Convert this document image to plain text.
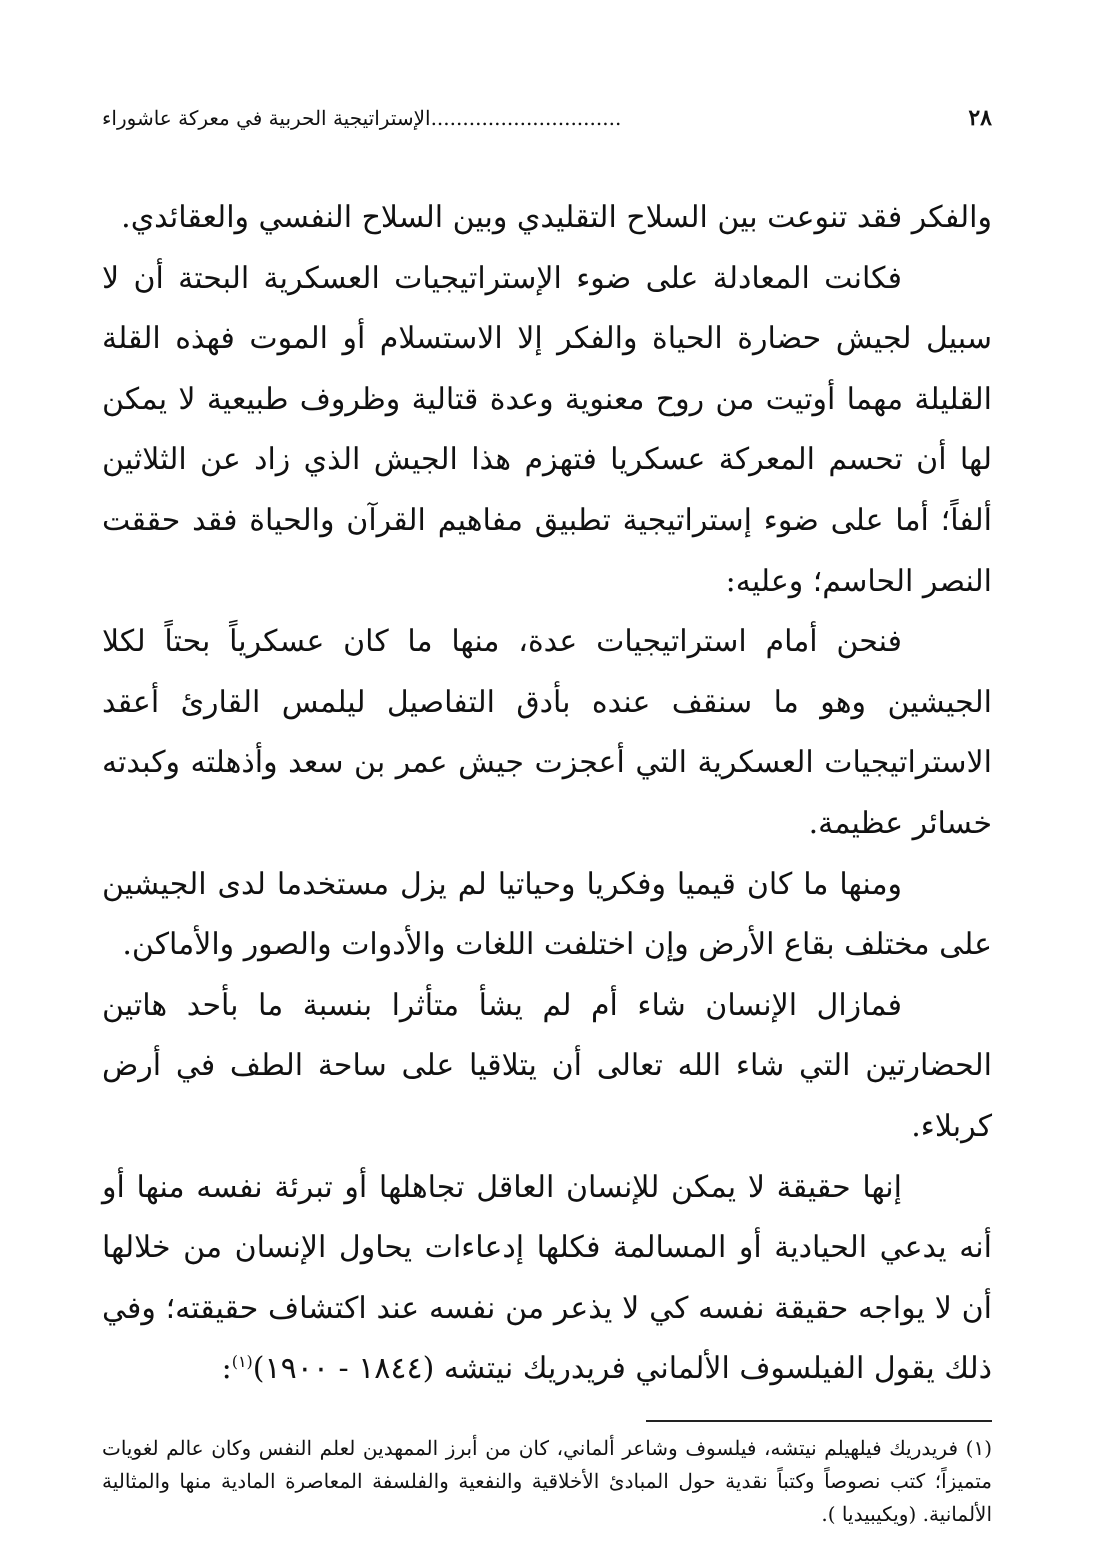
٢٨
..............................الإستراتيجية الحربية في معركة عاشوراء

والفكر فقد تنوعت بين السلاح التقليدي وبين السلاح النفسي والعقائدي.

فكانت المعادلة على ضوء الإستراتيجيات العسكرية البحتة أن لا سبيل لجيش حضارة الحياة والفكر إلا الاستسلام أو الموت فهذه القلة القليلة مهما أوتيت من روح معنوية وعدة قتالية وظروف طبيعية لا يمكن لها أن تحسم المعركة عسكريا فتهزم هذا الجيش الذي زاد عن الثلاثين ألفاً؛ أما على ضوء إستراتيجية تطبيق مفاهيم القرآن والحياة فقد حققت النصر الحاسم؛ وعليه:

فنحن أمام استراتيجيات عدة، منها ما كان عسكرياً بحتاً لكلا الجيشين وهو ما سنقف عنده بأدق التفاصيل ليلمس القارئ أعقد الاستراتيجيات العسكرية التي أعجزت جيش عمر بن سعد وأذهلته وكبدته خسائر عظيمة.

ومنها ما كان قيميا وفكريا وحياتيا لم يزل مستخدما لدى الجيشين على مختلف بقاع الأرض وإن اختلفت اللغات والأدوات والصور والأماكن.

فمازال الإنسان شاء أم لم يشأ متأثرا بنسبة ما بأحد هاتين الحضارتين التي شاء الله تعالى أن يتلاقيا على ساحة الطف في أرض كربلاء.

إنها حقيقة لا يمكن للإنسان العاقل تجاهلها أو تبرئة نفسه منها أو أنه يدعي الحيادية أو المسالمة فكلها إدعاءات يحاول الإنسان من خلالها أن لا يواجه حقيقة نفسه كي لا يذعر من نفسه عند اكتشاف حقيقته؛ وفي ذلك يقول الفيلسوف الألماني فريدريك نيتشه (١٨٤٤ - ١٩٠٠)$^{(١)}$:

(١) فريدريك فيلهيلم نيتشه، فيلسوف وشاعر ألماني، كان من أبرز الممهدين لعلم النفس وكان عالم لغويات متميزاً؛ كتب نصوصاً وكتباً نقدية حول المبادئ الأخلاقية والنفعية والفلسفة المعاصرة المادية منها والمثالية الألمانية. (ويكيبيديا ).
